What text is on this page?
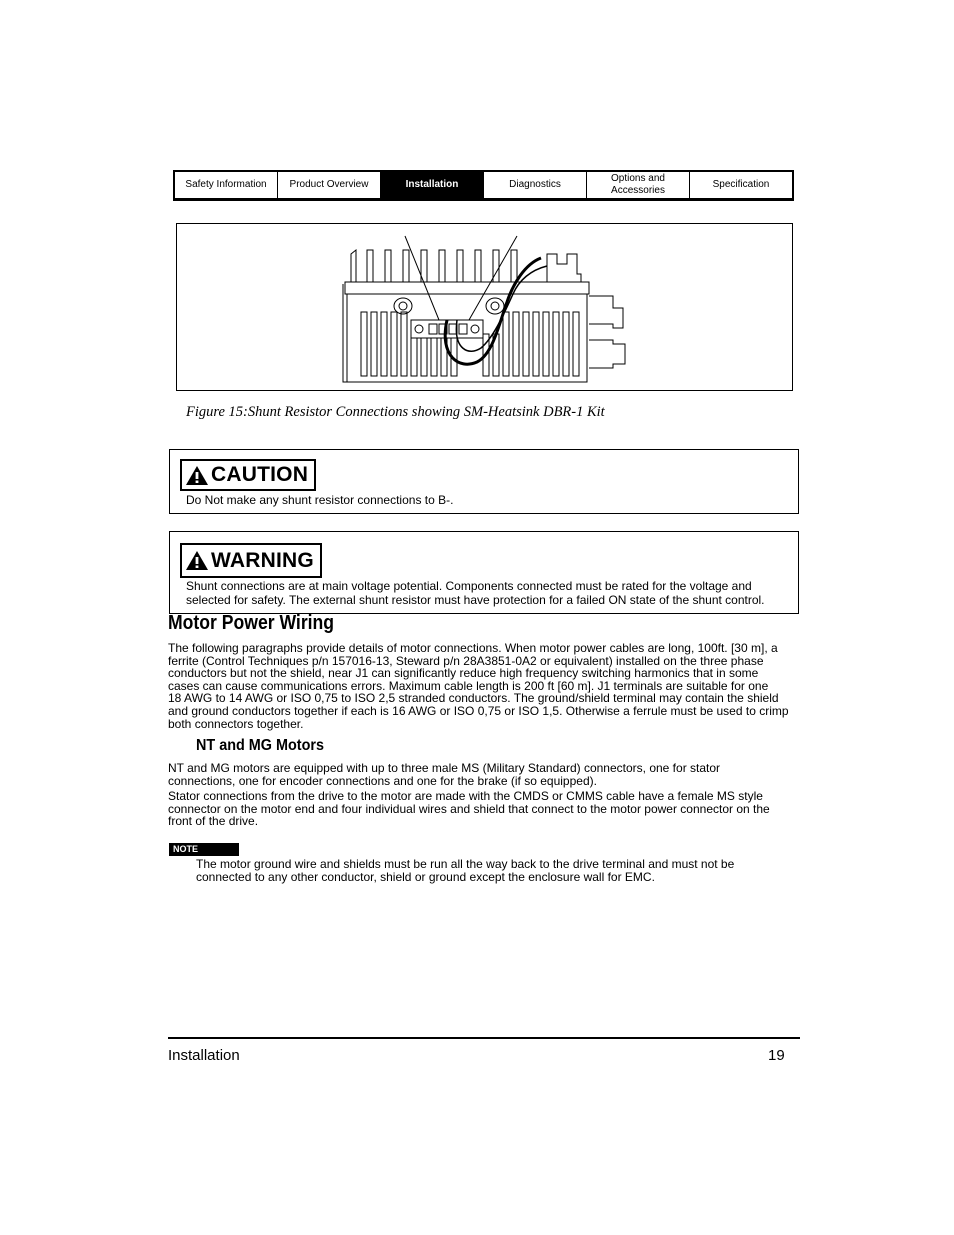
Safety Information Product Overview	Installation	Diagnostics
Options and
Accessories
Specification
Figure 15:Shunt Resistor Connections showing SM-Heatsink DBR-1 Kit
CAUTION
Do Not make any shunt resistor connections to B-.
WARNING
Shunt connections are at main voltage potential. Components connected must be rated for the voltage and
selected for safety. The external shunt resistor must have protection for a failed ON state of the shunt control.
Motor Power Wiring
The following paragraphs provide details of motor connections. When motor power cables are long, 100ft. [30 m], a
ferrite (Control Techniques p/n 157016-13, Steward p/n 28A3851-0A2 or equivalent) installed on the three phase
conductors but not the shield, near J1 can significantly reduce high frequency switching harmonics that in some
cases can cause communications errors. Maximum cable length is 200 ft [60 m]. J1 terminals are suitable for one
18 AWG to 14 AWG or ISO 0,75 to ISO 2,5 stranded conductors. The ground/shield terminal may contain the shield
and ground conductors together if each is 16 AWG or ISO 0,75 or ISO 1,5. Otherwise a ferrule must be used to crimp
both connectors together.
NT and MG Motors
NT and MG motors are equipped with up to three male MS (Military Standard) connectors, one for stator
connections, one for encoder connections and one for the brake (if so equipped).
Stator connections from the drive to the motor are made with the CMDS or CMMS cable have a female MS style
connector on the motor end and four individual wires and shield that connect to the motor power connector on the
front of the drive.
NOTE
The motor ground wire and shields must be run all the way back to the drive terminal and must not be
connected to any other conductor, shield or ground except the enclosure wall for EMC.
Installation	19
